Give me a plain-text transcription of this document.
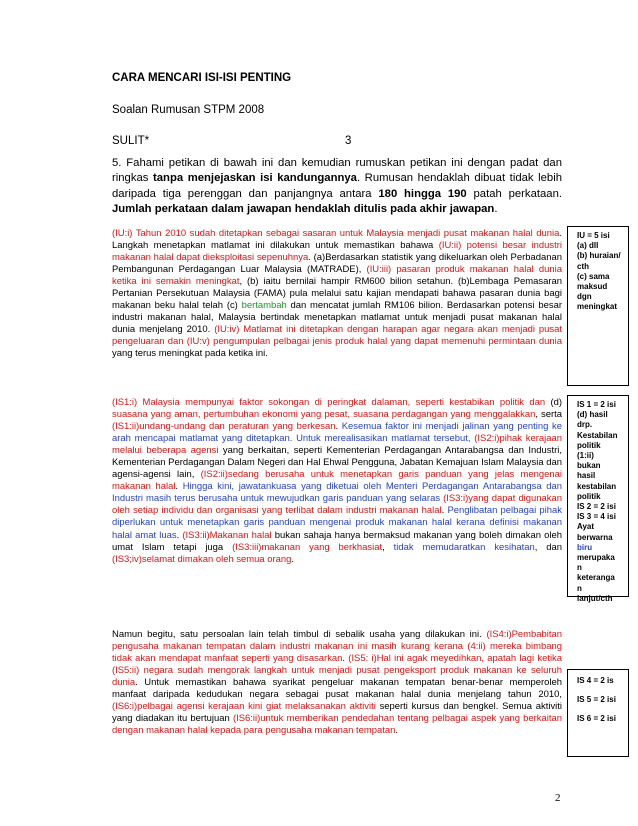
CARA MENCARI ISI-ISI PENTING
Soalan Rumusan STPM 2008
SULIT*	3
5. Fahami petikan di bawah ini dan kemudian rumuskan petikan ini dengan padat dan ringkas tanpa menjejaskan isi kandungannya. Rumusan hendaklah dibuat tidak lebih daripada tiga perenggan dan panjangnya antara 180 hingga 190 patah perkataan. Jumlah perkataan dalam jawapan hendaklah ditulis pada akhir jawapan.
(IU:i) Tahun 2010 sudah ditetapkan sebagai sasaran untuk Malaysia menjadi pusat makanan halal dunia. Langkah menetapkan matlamat ini dilakukan untuk memastikan bahawa (IU:ii) potensi besar industri makanan halal dapat dieksploitasi sepenuhnya. (a)Berdasarkan statistik yang dikeluarkan oleh Perbadanan Pembangunan Perdagangan Luar Malaysia (MATRADE), (IU:iii) pasaran produk makanan halal dunia ketika ini semakin meningkat, (b) iaitu bernilai hampir RM600 bilion setahun. (b)Lembaga Pemasaran Pertanian Persekutuan Malaysia (FAMA) pula melalui satu kajian mendapati bahawa pasaran dunia bagi makanan beku halal telah (c) bertambah dan mencatat jumlah RM106 bilion. Berdasarkan potensi besar industri makanan halal, Malaysia bertindak menetapkan matlamat untuk menjadi pusat makanan halal dunia menjelang 2010. (IU:iv) Matlamat ini ditetapkan dengan harapan agar negara akan menjadi pusat pengeluaran dan (IU:v) pengumpulan pelbagai jenis produk halal yang dapat memenuhi permintaan dunia yang terus meningkat pada ketika ini.
(IS1:i) Malaysia mempunyai faktor sokongan di peringkat dalaman, seperti kestabikan politik dan (d) suasana yang aman, pertumbuhan ekonomi yang pesat, suasana perdagangan yang menggalakkan, serta (IS1:ii)undang-undang dan peraturan yang berkesan. Kesemua faktor ini menjadi jalinan yang penting ke arah mencapai matlamat yang ditetapkan. Untuk merealisasikan matlamat tersebut, (IS2:i)pihak kerajaan melalui beberapa agensi yang berkaitan, seperti Kementerian Perdagangan Antarabangsa dan Industri, Kementerian Perdagangan Dalam Negeri dan Hal Ehwal Pengguna, Jabatan Kemajuan Islam Malaysia dan agensi-agensi lain, (IS2:ii)sedang berusaha untuk menetapkan garis panduan yang jelas mengenai makanan halal. Hingga kini, jawatankuasa yang diketuai oleh Menteri Perdagangan Antarabangsa dan Industri masih terus berusaha untuk mewujudkan garis panduan yang selaras (IS3:i)yang dapat digunakan oleh setiap individu dan organisasi yang terlibat dalam industri makanan halal. Penglibatan pelbagai pihak diperlukan untuk menetapkan garis panduan mengenai produk makanan halal kerana definisi makanan halal amat luas. (IS3:ii)Makanan halal bukan sahaja hanya bermaksud makanan yang boleh dimakan oleh umat Islam tetapi juga (IS3:iii)makanan yang berkhasiat, tidak memudaratkan kesihatan, dan (IS3;iv)selamat dimakan oleh semua orang.
Namun begitu, satu persoalan lain telah timbul di sebalik usaha yang dilakukan ini. (IS4:i)Pembabitan pengusaha makanan tempatan dalam industri makanan ini masih kurang kerana (4:ii) mereka bimbang tidak akan mendapat manfaat seperti yang disasarkan. (IS5: i)Hal ini agak meyedihkan, apatah lagi ketika (IS5:ii) negara sudah mengorak langkah untuk menjadi pusat pengeksport produk makanan ke seluruh dunia. Untuk memastikan bahawa syarikat pengeluar makanan tempatan benar-benar memperoleh manfaat daripada kedudukan negara sebagai pusat makanan halal dunia menjelang tahun 2010, (IS6:i)pelbagai agensi kerajaan kini giat melaksanakan aktiviti seperti kursus dan bengkel. Semua aktiviti yang diadakan itu bertujuan (IS6:ii)untuk memberikan pendedahan tentang pelbagai aspek yang berkaitan dengan makanan halal kepada para pengusaha makanan tempatan.
IU = 5 isi
(a) dll
(b) huraian/
cth
(c) sama
maksud
dgn
meningkat
IS 1 = 2 isi
(d) hasil
drp.
Kestabilan
politik
(1:ii)
bukan
hasil
kestabilan
politik
IS 2 = 2 isi
IS 3 = 4 isi
Ayat
berwarna
biru
merupaka
n
keteranga
n
lanjut/cth
IS 4 = 2 is
IS 5 = 2 isi
IS 6 = 2 isi
2
